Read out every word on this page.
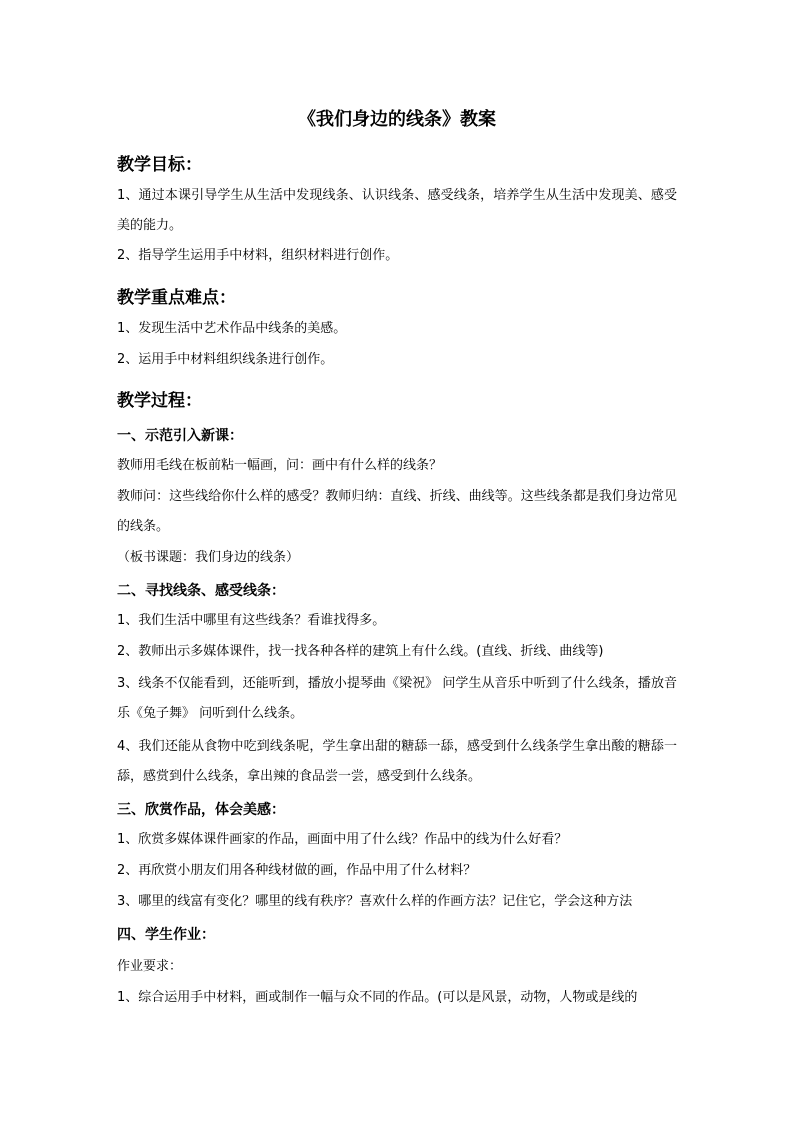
《我们身边的线条》教案
教学目标：
1、通过本课引导学生从生活中发现线条、认识线条、感受线条，培养学生从生活中发现美、感受美的能力。
2、指导学生运用手中材料，组织材料进行创作。
教学重点难点：
1、发现生活中艺术作品中线条的美感。
2、运用手中材料组织线条进行创作。
教学过程：
一、示范引入新课：
教师用毛线在板前粘一幅画，问：画中有什么样的线条？
教师问：这些线给你什么样的感受？教师归纳：直线、折线、曲线等。这些线条都是我们身边常见的线条。
（板书课题：我们身边的线条）
二、寻找线条、感受线条：
1、我们生活中哪里有这些线条？看谁找得多。
2、教师出示多媒体课件，找一找各种各样的建筑上有什么线。(直线、折线、曲线等)
3、线条不仅能看到，还能听到，播放小提琴曲《梁祝》 问学生从音乐中听到了什么线条，播放音乐《兔子舞》 问听到什么线条。
4、我们还能从食物中吃到线条呢，学生拿出甜的糖舔一舔，感受到什么线条学生拿出酸的糖舔一舔，感赏到什么线条，拿出辣的食品尝一尝，感受到什么线条。
三、欣赏作品，体会美感：
1、欣赏多媒体课件画家的作品，画面中用了什么线？作品中的线为什么好看？
2、再欣赏小朋友们用各种线材做的画，作品中用了什么材料？
3、哪里的线富有变化？哪里的线有秩序？喜欢什么样的作画方法？记住它，学会这种方法
四、学生作业：
作业要求：
1、综合运用手中材料，画或制作一幅与众不同的作品。(可以是风景，动物，人物或是线的
